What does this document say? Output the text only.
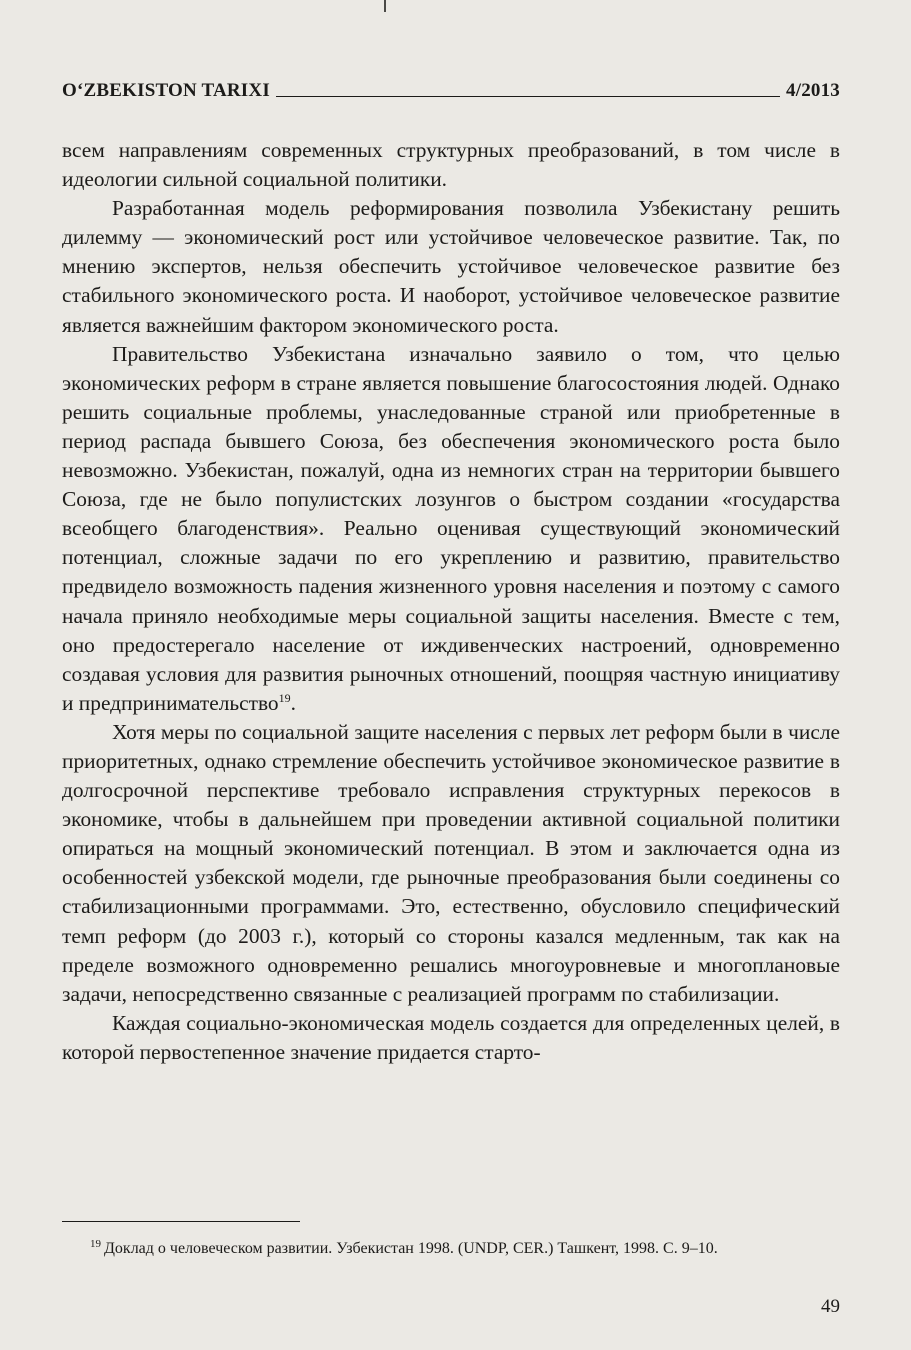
O‘ZBEKISTON TARIXI	4/2013

всем направлениям современных структурных преобразований, в том числе в идеологии сильной социальной политики.

Разработанная модель реформирования позволила Узбекистану решить дилемму — экономический рост или устойчивое человеческое развитие. Так, по мнению экспертов, нельзя обеспечить устойчивое человеческое развитие без стабильного экономического роста. И наоборот, устойчивое человеческое развитие является важнейшим фактором экономического роста.

Правительство Узбекистана изначально заявило о том, что целью экономических реформ в стране является повышение благосостояния людей. Однако решить социальные проблемы, унаследованные страной или приобретенные в период распада бывшего Союза, без обеспечения экономического роста было невозможно. Узбекистан, пожалуй, одна из немногих стран на территории бывшего Союза, где не было популистских лозунгов о быстром создании «государства всеобщего благоденствия». Реально оценивая существующий экономический потенциал, сложные задачи по его укреплению и развитию, правительство предвидело возможность падения жизненного уровня населения и поэтому с самого начала приняло необходимые меры социальной защиты населения. Вместе с тем, оно предостерегало население от иждивенческих настроений, одновременно создавая условия для развития рыночных отношений, поощряя частную инициативу и предпринимательство$^{19}$.

Хотя меры по социальной защите населения с первых лет реформ были в числе приоритетных, однако стремление обеспечить устойчивое экономическое развитие в долгосрочной перспективе требовало исправления структурных перекосов в экономике, чтобы в дальнейшем при проведении активной социальной политики опираться на мощный экономический потенциал. В этом и заключается одна из особенностей узбекской модели, где рыночные преобразования были соединены со стабилизационными программами. Это, естественно, обусловило специфический темп реформ (до 2003 г.), который со стороны казался медленным, так как на пределе возможного одновременно решались многоуровневые и многоплановые задачи, непосредственно связанные с реализацией программ по стабилизации.

Каждая социально-экономическая модель создается для определенных целей, в которой первостепенное значение придается старто-

$^{19}$ Доклад о человеческом развитии. Узбекистан 1998. (UNDP, CER.) Ташкент, 1998. С. 9–10.
49
